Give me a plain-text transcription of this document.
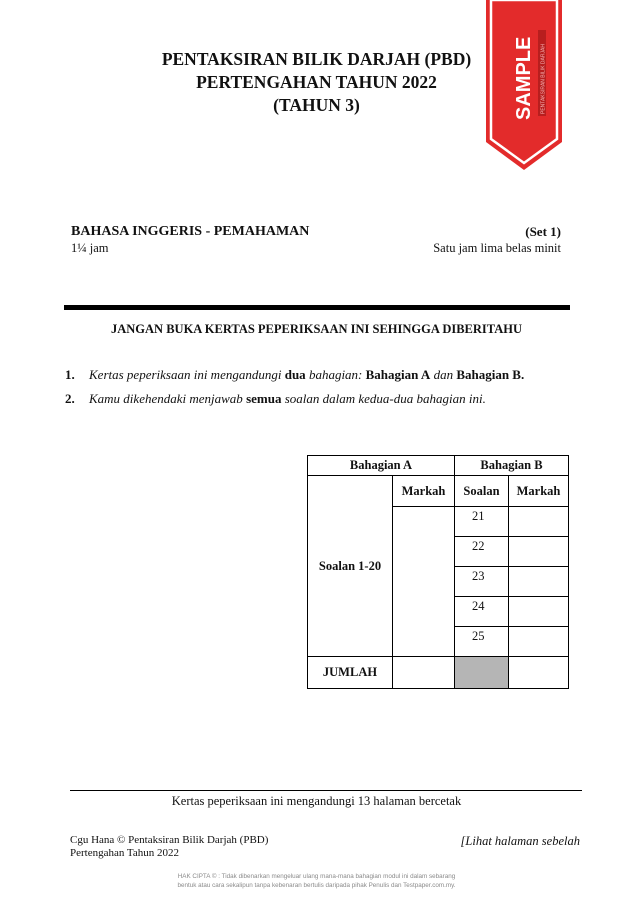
PENTAKSIRAN BILIK DARJAH (PBD)
PERTENGAHAN TAHUN 2022
(TAHUN 3)	SAMPLE PENTAKSIRAN BILIK DARJAH
BAHASA INGGERIS - PEMAHAMAN	(Set 1)
1¼ jam	Satu jam lima belas minit
JANGAN BUKA KERTAS PEPERIKSAAN INI SEHINGGA DIBERITAHU
1. Kertas peperiksaan ini mengandungi dua bahagian: Bahagian A dan Bahagian B.
2. Kamu dikehendaki menjawab semua soalan dalam kedua-dua bahagian ini.
Bahagian A		Bahagian B	
Soalan 1-20	Markah	Soalan	Markah
		21	
		22	
		23	
		24	
		25	
JUMLAH			
Kertas peperiksaan ini mengandungi 13 halaman bercetak
Cgu Hana © Pentaksiran Bilik Darjah (PBD)
Pertengahan Tahun 2022
[Lihat halaman sebelah
HAK CIPTA © : Tidak dibenarkan mengeluar ulang mana-mana bahagian modul ini dalam sebarang
bentuk atau cara sekalipun tanpa kebenaran bertulis daripada pihak Penulis dan Testpaper.com.my.
